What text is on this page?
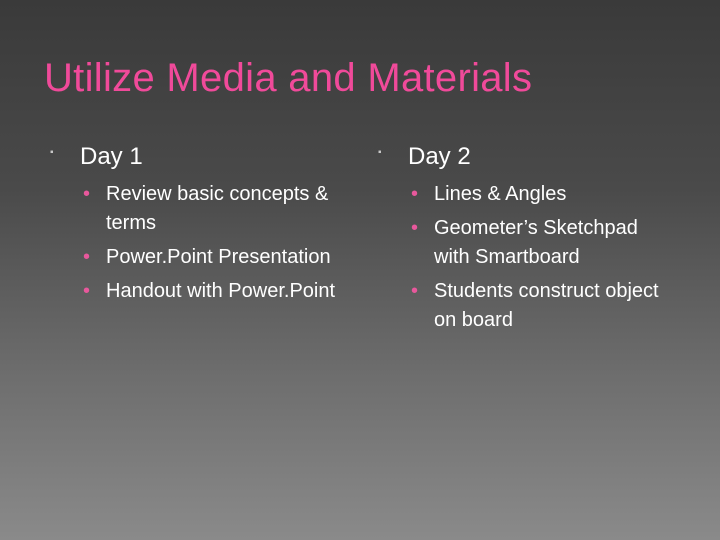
Utilize Media and Materials
▪ Day 1
• Review basic concepts & terms
• Power.Point Presentation
• Handout with Power.Point
▪ Day 2
• Lines & Angles
• Geometer’s Sketchpad with Smartboard
• Students construct object on board
